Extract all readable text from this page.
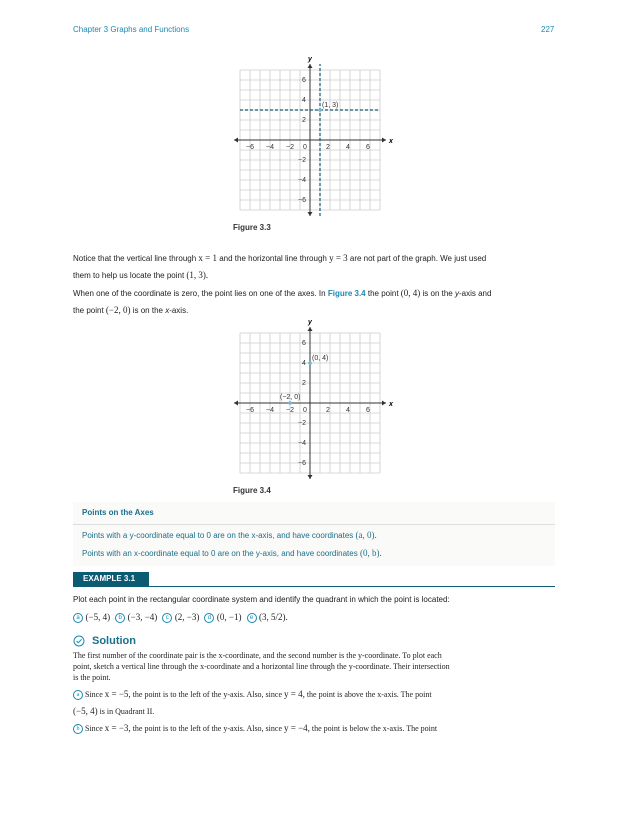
Chapter 3 Graphs and Functions	227
x
y
−6 −4 −2 0	2 4 6
6
4
2
−2
−4
−6
(1, 3)
Figure 3.3
Notice that the vertical line through x = 1 and the horizontal line through y = 3 are not part of the graph. We just used
them to help us locate the point (1, 3).
When one of the coordinate is zero, the point lies on one of the axes. In Figure 3.4 the point (0, 4) is on the y-axis and
the point (−2, 0) is on the x-axis.
x
y
−6 −4 −2 0	2 4 6
6
4
2
−2
−4
−6
(0, 4)
(−2, 0)
Figure 3.4
Points on the Axes
Points with a y-coordinate equal to 0 are on the x-axis, and have coordinates (a, 0).
Points with an x-coordinate equal to 0 are on the y-axis, and have coordinates (0, b).
EXAMPLE 3.1
Plot each point in the rectangular coordinate system and identify the quadrant in which the point is located:
a (−5, 4) b (−3, −4) c (2, −3) d (0, −1) e (3, 5/2).
Solution
The first number of the coordinate pair is the x-coordinate, and the second number is the y-coordinate. To plot each
point, sketch a vertical line through the x-coordinate and a horizontal line through the y-coordinate. Their intersection
is the point.
a Since x = −5, the point is to the left of the y-axis. Also, since y = 4, the point is above the x-axis. The point
(−5, 4) is in Quadrant II.
b Since x = −3, the point is to the left of the y-axis. Also, since y = −4, the point is below the x-axis. The point
